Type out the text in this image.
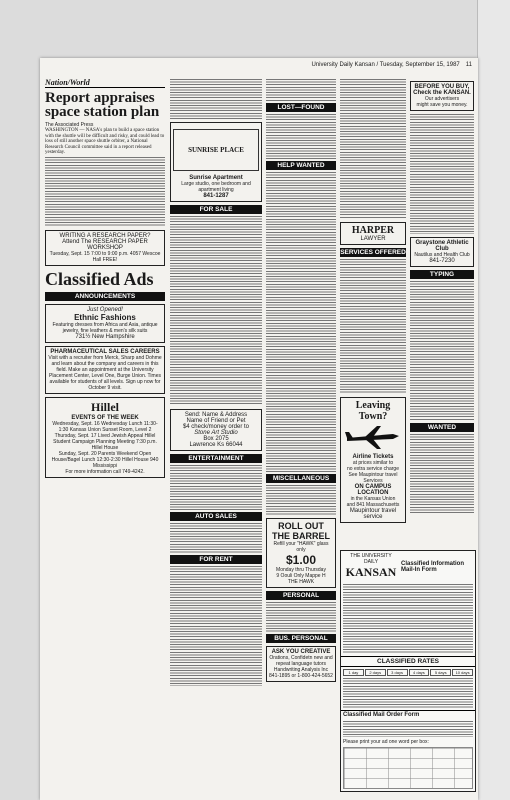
University Daily Kansan / Tuesday, September 15, 1987 11
Nation/World
Report appraises space station plan
The Associated Press
WASHINGTON — NASA's plan to build a space station with the shuttle will be difficult and risky, and could lead to loss of still another space shuttle orbiter, a National Research Council committee said in a report released yesterday.
WRITING A RESEARCH PAPER?
Attend The RESEARCH PAPER WORKSHOP
Tuesday, Sept. 15 7:00 to 9:00 p.m. 4057 Wescoe Hall FREE!
Classified Ads
ANNOUNCEMENTS
Just Opened!
Ethnic Fashions
Featuring dresses from Africa and Asia, antique jewelry, fine leathers & men's silk suits
731½ New Hampshire
PHARMACEUTICAL SALES CAREERS
Visit with a recruiter from Merck, Sharp and Dohme and learn about the company and careers in this field. Make an appointment at the University Placement Center, Level One, Burge Union. Times available for students of all levels. Sign up now for October 9 visit.
Hillel
EVENTS OF THE WEEK
Wednesday, Sept. 16 Wednesday Lunch 11:30-1:30 Kansas Union Sunset Room, Level 2
Thursday, Sept. 17 Lived Jewish Appeal Hillel Student Campaign Planning Meeting 7:30 p.m. Hillel House
Sunday, Sept. 20 Parents Weekend Open House/Bagel Lunch 12:30-2:30 Hillel House 940 Mississippi
For more information call 749-4242.
SUNRISE PLACE
Sunrise Apartment
Large studio, one bedroom and apartment living
841-1287
FOR SALE
Send: Name & Address
Name of Friend or Pet
$4 check/money order to
Stone Art Studio
Box 2075
Lawrence Ks 66044
ENTERTAINMENT
AUTO SALES
FOR RENT
LOST—FOUND
HELP WANTED
MISCELLANEOUS
ROLL OUT THE BARREL
Refill your "HAWK" glass only
$1.00
Monday thru Thursday
9 Oouli Only Mappe H
THE HAWK
PERSONAL
BUS. PERSONAL
ASK YOU CREATIVE
Orations, Confidetn new and repeat language tutors
Handwriting Analysis Inc
841-1895 or 1-800-424-5652
HARPER
LAWYER
SERVICES OFFERED
Leaving
Town?
Airline Tickets
at prices similar to
no extra service charge
See Maupintour travel Services
ON CAMPUS LOCATION
in the Kansas Union
and 841 Massachusetts
Maupintour travel service
BEFORE YOU BUY,
Check the KANSAN.
Our advertisers
might save you money.
Graystone Athletic Club
Nautilus and Health Club
841-7230
TYPING
WANTED
THE UNIVERSITY DAILY
KANSAN
Classified Information
Mail-In Form
CLASSIFIED RATES
1 day	2 days	3 days	4 days	5 days	10 days
Classified Mail Order Form
Please print your ad one word per box:
